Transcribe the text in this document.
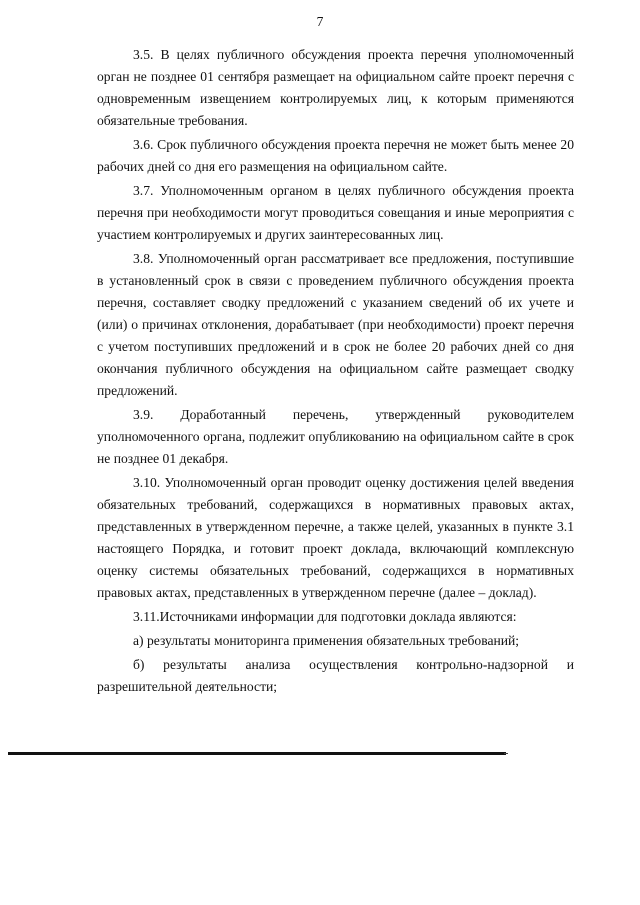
7

3.5. В целях публичного обсуждения проекта перечня уполномоченный орган не позднее 01 сентября размещает на официальном сайте проект перечня с одновременным извещением контролируемых лиц, к которым применяются обязательные требования.

3.6. Срок публичного обсуждения проекта перечня не может быть менее 20 рабочих дней со дня его размещения на официальном сайте.

3.7. Уполномоченным органом в целях публичного обсуждения проекта перечня при необходимости могут проводиться совещания и иные мероприятия с участием контролируемых и других заинтересованных лиц.

3.8. Уполномоченный орган рассматривает все предложения, поступившие в установленный срок в связи с проведением публичного обсуждения проекта перечня, составляет сводку предложений с указанием сведений об их учете и (или) о причинах отклонения, дорабатывает (при необходимости) проект перечня с учетом поступивших предложений и в срок не более 20 рабочих дней со дня окончания публичного обсуждения на официальном сайте размещает сводку предложений.

3.9. Доработанный перечень, утвержденный руководителем уполномоченного органа, подлежит опубликованию на официальном сайте в срок не позднее 01 декабря.

3.10. Уполномоченный орган проводит оценку достижения целей введения обязательных требований, содержащихся в нормативных правовых актах, представленных в утвержденном перечне, а также целей, указанных в пункте 3.1 настоящего Порядка, и готовит проект доклада, включающий комплексную оценку системы обязательных требований, содержащихся в нормативных правовых актах, представленных в утвержденном перечне (далее – доклад).

3.11.Источниками информации для подготовки доклада являются:

а) результаты мониторинга применения обязательных требований;

б) результаты анализа осуществления контрольно-надзорной и разрешительной деятельности;
